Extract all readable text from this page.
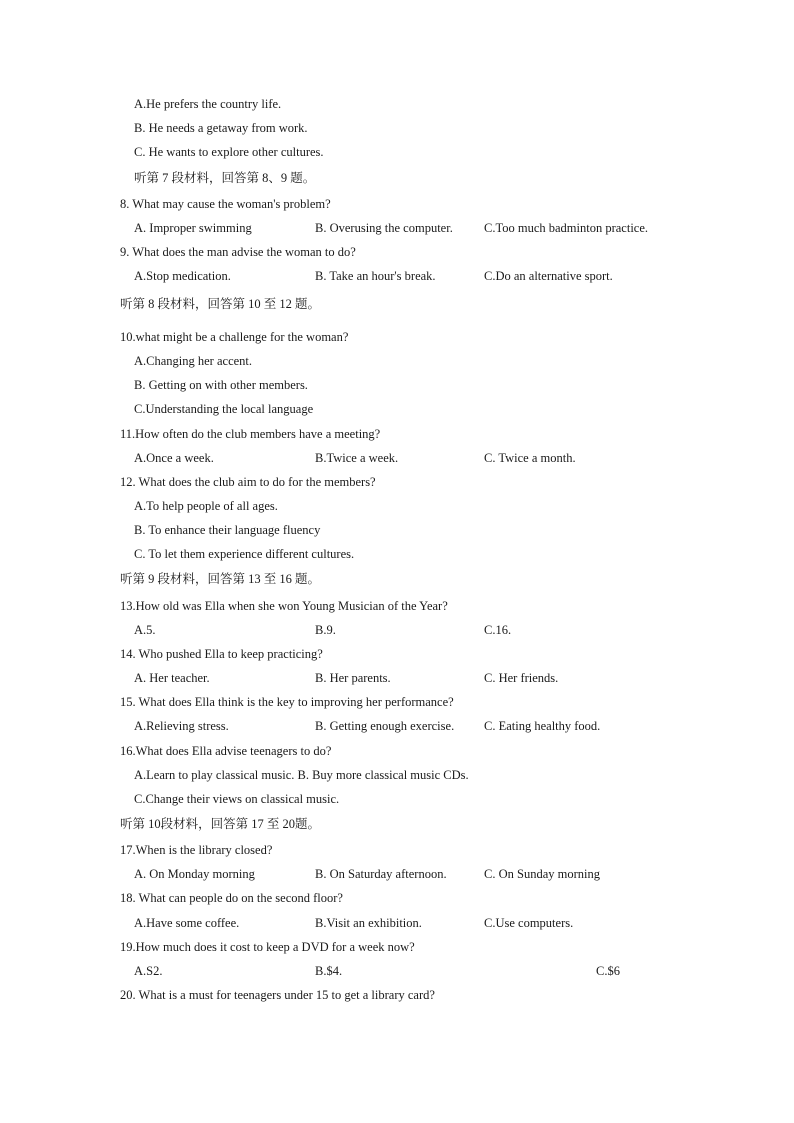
A.He prefers the country life.
B. He needs a getaway from work.
C. He wants to explore other cultures.
听第 7 段材料，回答第 8、9 题。
8. What may cause the woman's problem?
A. Improper swimming	B. Overusing the computer. C.Too much badminton practice.
9. What does the man advise the woman to do?
A.Stop medication.	B. Take an hour's break.	C.Do an alternative sport.
听第 8 段材料，回答第 10 至 12 题。
10.what might be a challenge for the woman?
A.Changing her accent.
B. Getting on with other members.
C.Understanding the local language
11.How often do the club members have a meeting?
A.Once a week.	B.Twice a week.	C. Twice a month.
12. What does the club aim to do for the members?
A.To help people of all ages.
B. To enhance their language fluency
C. To let them experience different cultures.
听第 9 段材料，回答第 13 至 16 题。
13.How old was Ella when she won Young Musician of the Year?
A.5.	B.9.	C.16.
14. Who pushed Ella to keep practicing?
A. Her teacher.	B. Her parents.	C. Her friends.
15. What does Ella think is the key to improving her performance?
A.Relieving stress.	B. Getting enough exercise. C. Eating healthy food.
16.What does Ella advise teenagers to do?
A.Learn to play classical music. B. Buy more classical music CDs.
C.Change their views on classical music.
听第 10段材料，回答第 17 至 20题。
17.When is the library closed?
A. On Monday morning	B. On Saturday afternoon.	C. On Sunday morning
18. What can people do on the second floor?
A.Have some coffee.	B.Visit an exhibition.	C.Use computers.
19.How much does it cost to keep a DVD for a week now?
A.S2.	B.$4.	C.$6
20. What is a must for teenagers under 15 to get a library card?
